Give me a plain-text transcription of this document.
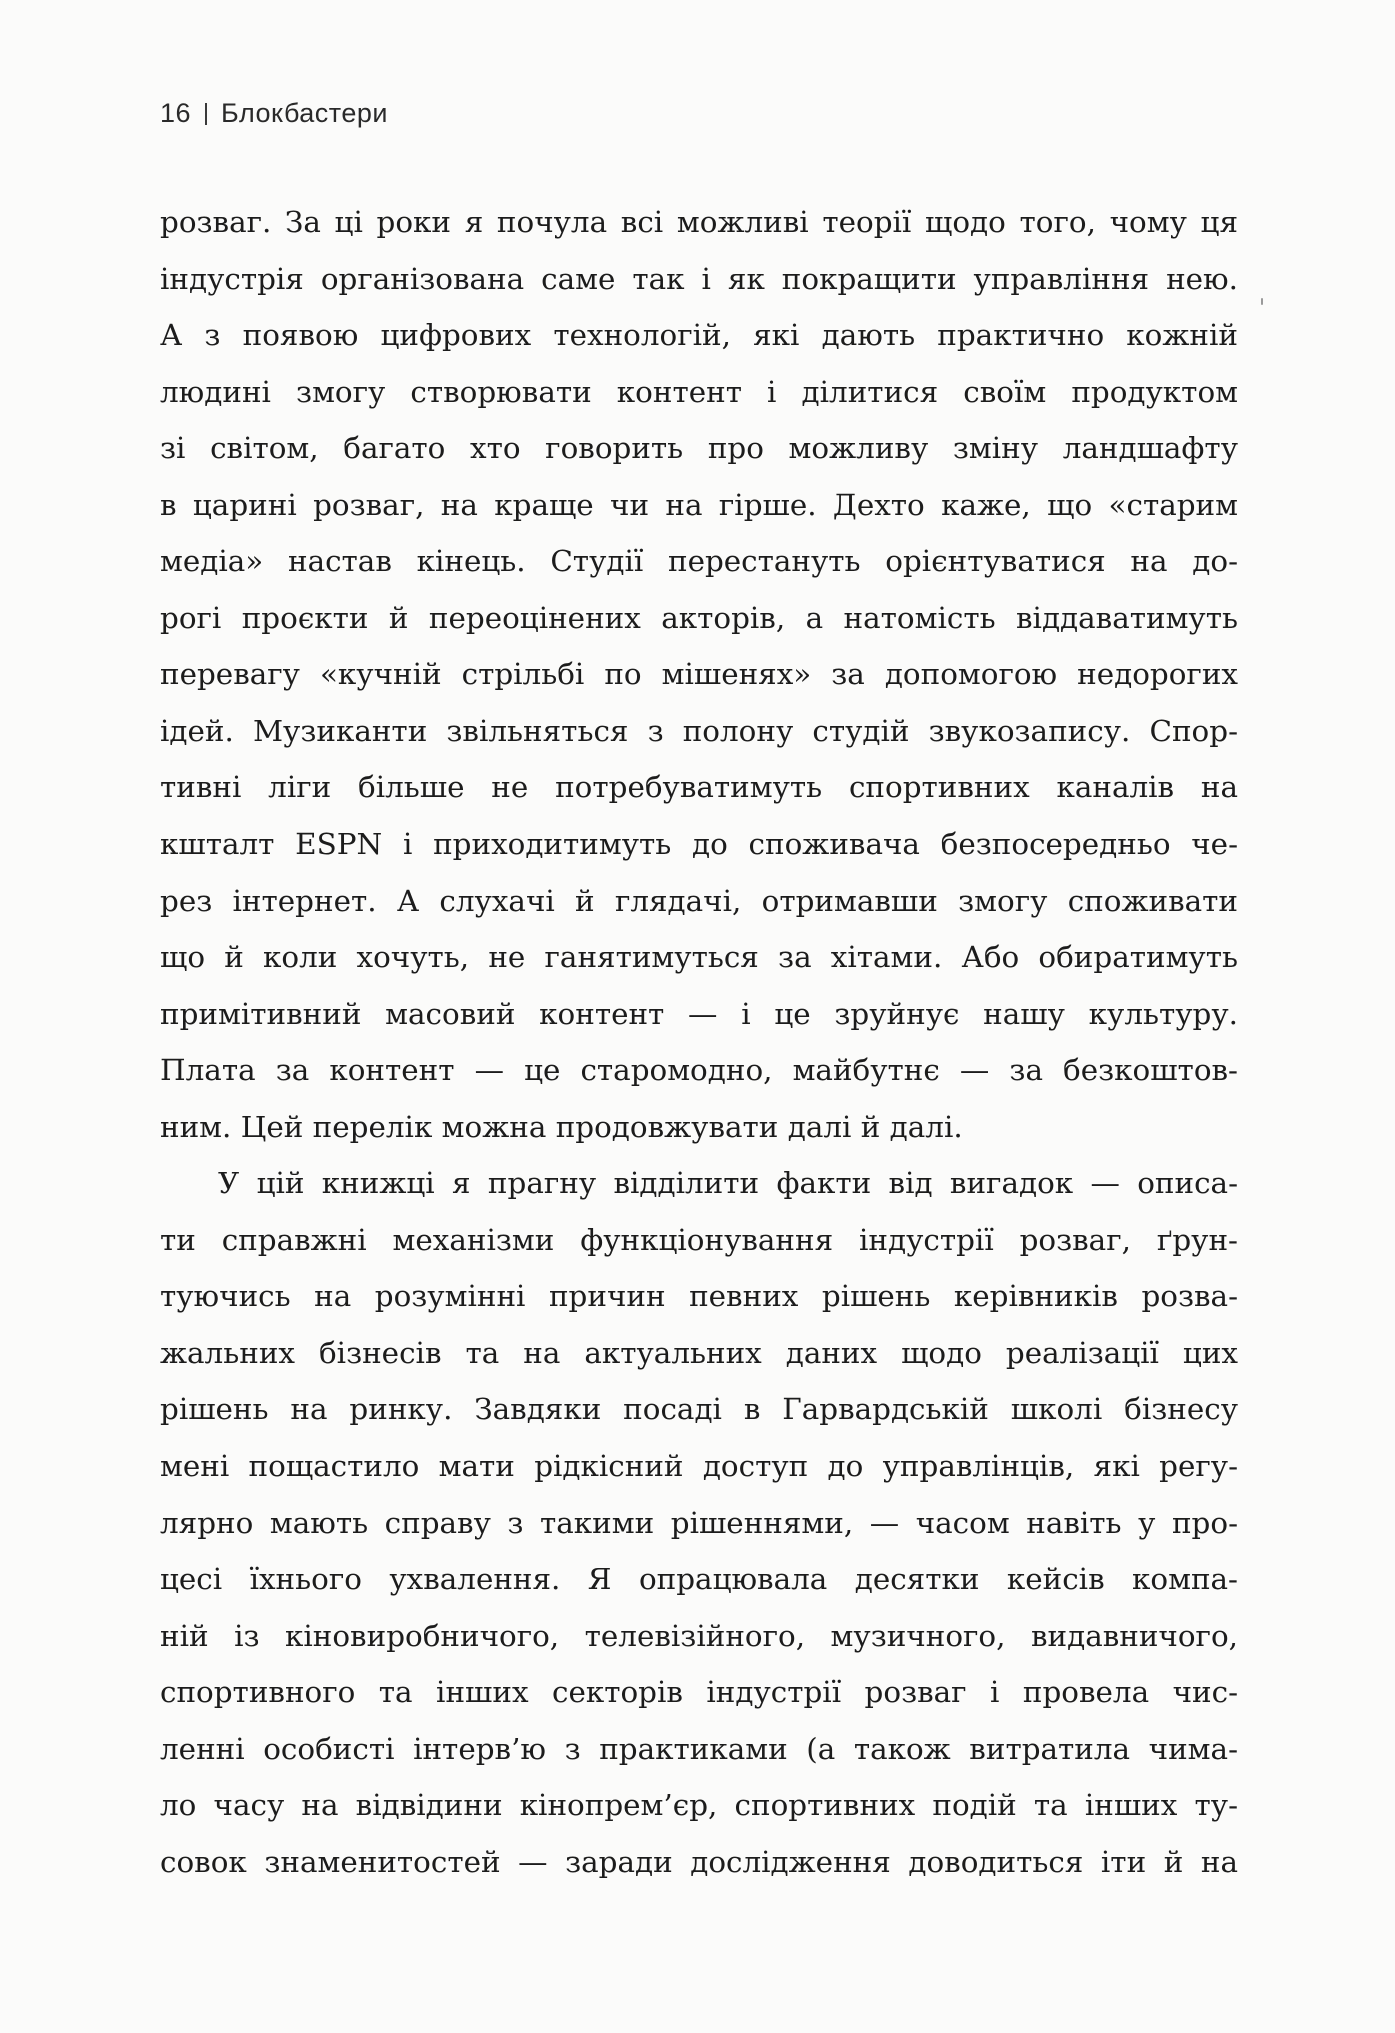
16 Блокбастери
розваг. За ці роки я почула всі можливі теорії щодо того, чому ця
індустрія організована саме так і як покращити управління нею.
А з появою цифрових технологій, які дають практично кожній
людині змогу створювати контент і ділитися своїм продуктом
зі світом, багато хто говорить про можливу зміну ландшафту
в царині розваг, на краще чи на гірше. Дехто каже, що «старим
медіа» настав кінець. Студії перестануть орієнтуватися на до-
рогі проєкти й переоцінених акторів, а натомість віддаватимуть
перевагу «кучній стрільбі по мішенях» за допомогою недорогих
ідей. Музиканти звільняться з полону студій звукозапису. Спор-
тивні ліги більше не потребуватимуть спортивних каналів на
кшталт ESPN і приходитимуть до споживача безпосередньо че-
рез інтернет. А слухачі й глядачі, отримавши змогу споживати
що й коли хочуть, не ганятимуться за хітами. Або обиратимуть
примітивний масовий контент — і це зруйнує нашу культуру.
Плата за контент — це старомодно, майбутнє — за безкоштов-
ним. Цей перелік можна продовжувати далі й далі.
У цій книжці я прагну відділити факти від вигадок — описа-
ти справжні механізми функціонування індустрії розваг, ґрун-
туючись на розумінні причин певних рішень керівників розва-
жальних бізнесів та на актуальних даних щодо реалізації цих
рішень на ринку. Завдяки посаді в Гарвардській школі бізнесу
мені пощастило мати рідкісний доступ до управлінців, які регу-
лярно мають справу з такими рішеннями, — часом навіть у про-
цесі їхнього ухвалення. Я опрацювала десятки кейсів компа-
ній із кіновиробничого, телевізійного, музичного, видавничого,
спортивного та інших секторів індустрії розваг і провела чис-
ленні особисті інтерв’ю з практиками (а також витратила чима-
ло часу на відвідини кінопрем’єр, спортивних подій та інших ту-
совок знаменитостей — заради дослідження доводиться іти й на
